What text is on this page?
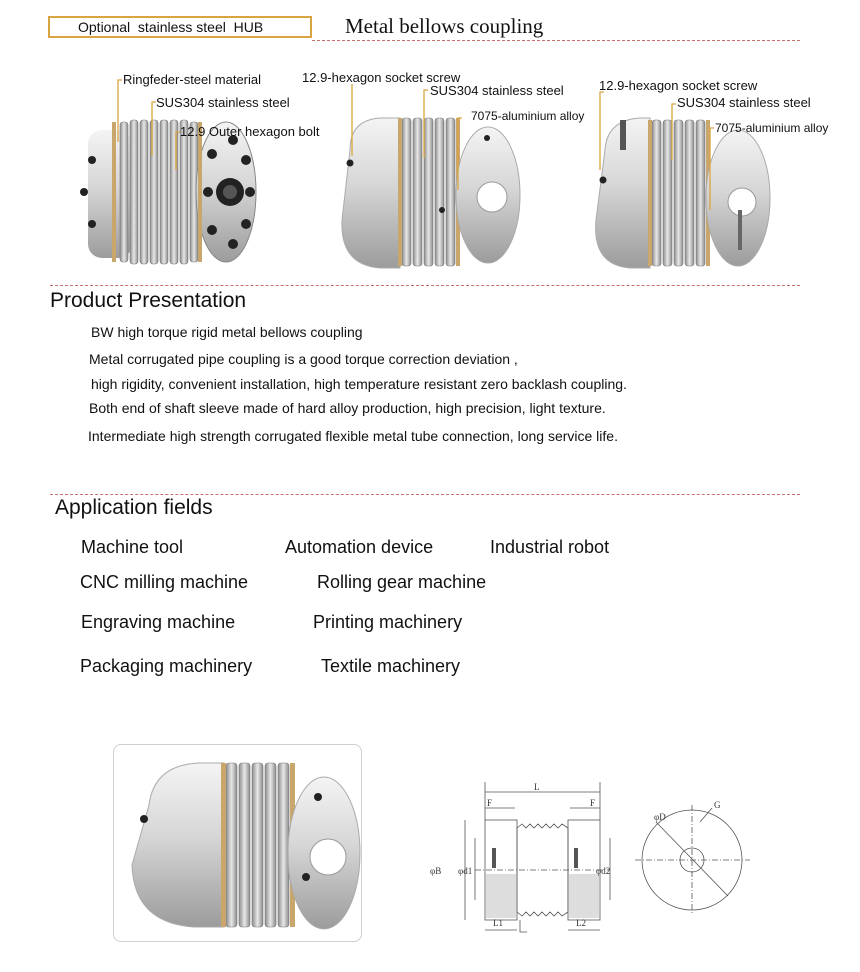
Optional  stainless steel  HUB	Metal bellows coupling
Ringfeder-steel material
SUS304 stainless steel
12.9 Outer hexagon bolt
12.9-hexagon socket screw
SUS304 stainless steel
7075-aluminium alloy
12.9-hexagon socket screw
SUS304 stainless steel
7075-aluminium alloy
Product Presentation
BW high torque rigid metal bellows coupling
Metal corrugated pipe coupling is a good torque correction deviation ,
high rigidity, convenient installation, high temperature resistant zero backlash coupling.
Both end of shaft sleeve made of hard alloy production, high precision, light texture.
Intermediate high strength corrugated flexible metal tube connection, long service life.
Application fields
Machine tool	Automation device	Industrial robot
CNC milling machine	Rolling gear machine
Engraving machine	Printing machinery
Packaging machinery	Textile machinery
L
F	F
φB φd1	φd2
L1	L2
φD
G
